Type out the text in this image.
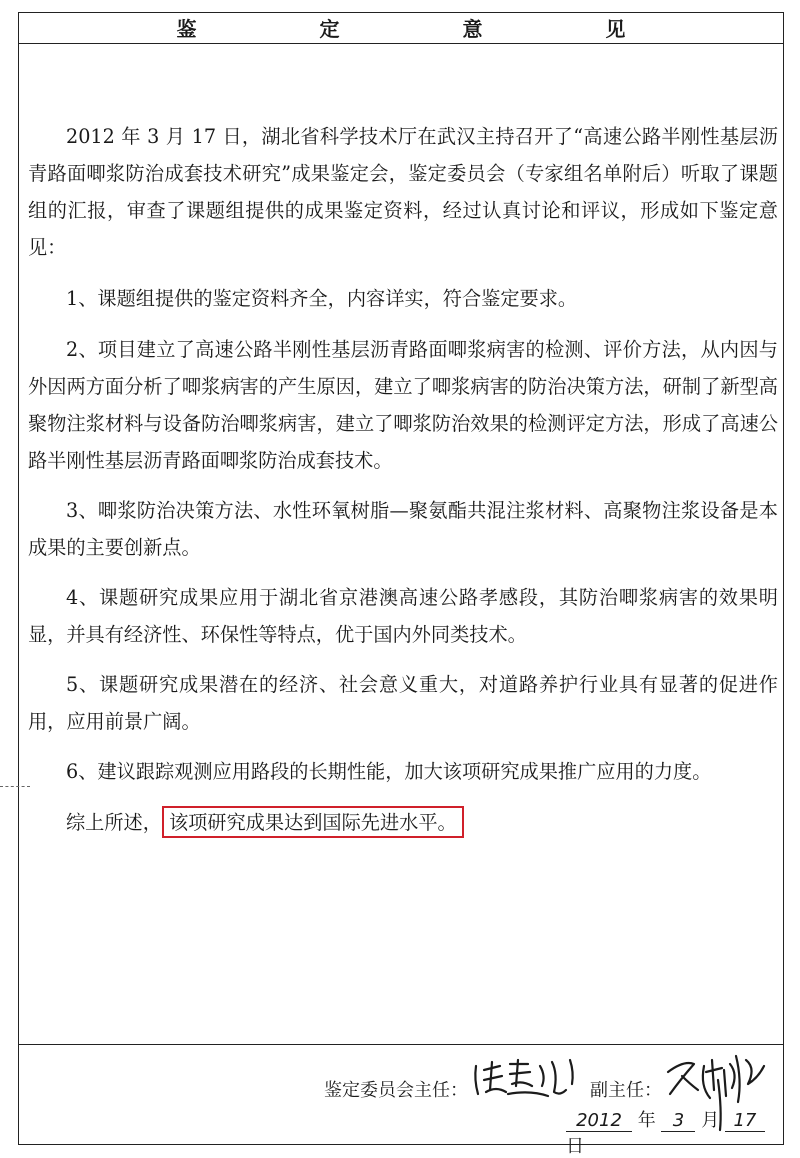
鉴 定 意 见

2012 年 3 月 17 日，湖北省科学技术厅在武汉主持召开了“高速公路半刚性基层沥青路面唧浆防治成套技术研究”成果鉴定会，鉴定委员会（专家组名单附后）听取了课题组的汇报，审查了课题组提供的成果鉴定资料，经过认真讨论和评议，形成如下鉴定意见：

1、课题组提供的鉴定资料齐全，内容详实，符合鉴定要求。

2、项目建立了高速公路半刚性基层沥青路面唧浆病害的检测、评价方法，从内因与外因两方面分析了唧浆病害的产生原因，建立了唧浆病害的防治决策方法，研制了新型高聚物注浆材料与设备防治唧浆病害，建立了唧浆防治效果的检测评定方法，形成了高速公路半刚性基层沥青路面唧浆防治成套技术。

3、唧浆防治决策方法、水性环氧树脂—聚氨酯共混注浆材料、高聚物注浆设备是本成果的主要创新点。

4、课题研究成果应用于湖北省京港澳高速公路孝感段，其防治唧浆病害的效果明显，并具有经济性、环保性等特点，优于国内外同类技术。

5、课题研究成果潜在的经济、社会意义重大，对道路养护行业具有显著的促进作用，应用前景广阔。

6、建议跟踪观测应用路段的长期性能，加大该项研究成果推广应用的力度。

综上所述， 该项研究成果达到国际先进水平。

鉴定委员会主任：	副主任：
2012 年 3 月 17 日
